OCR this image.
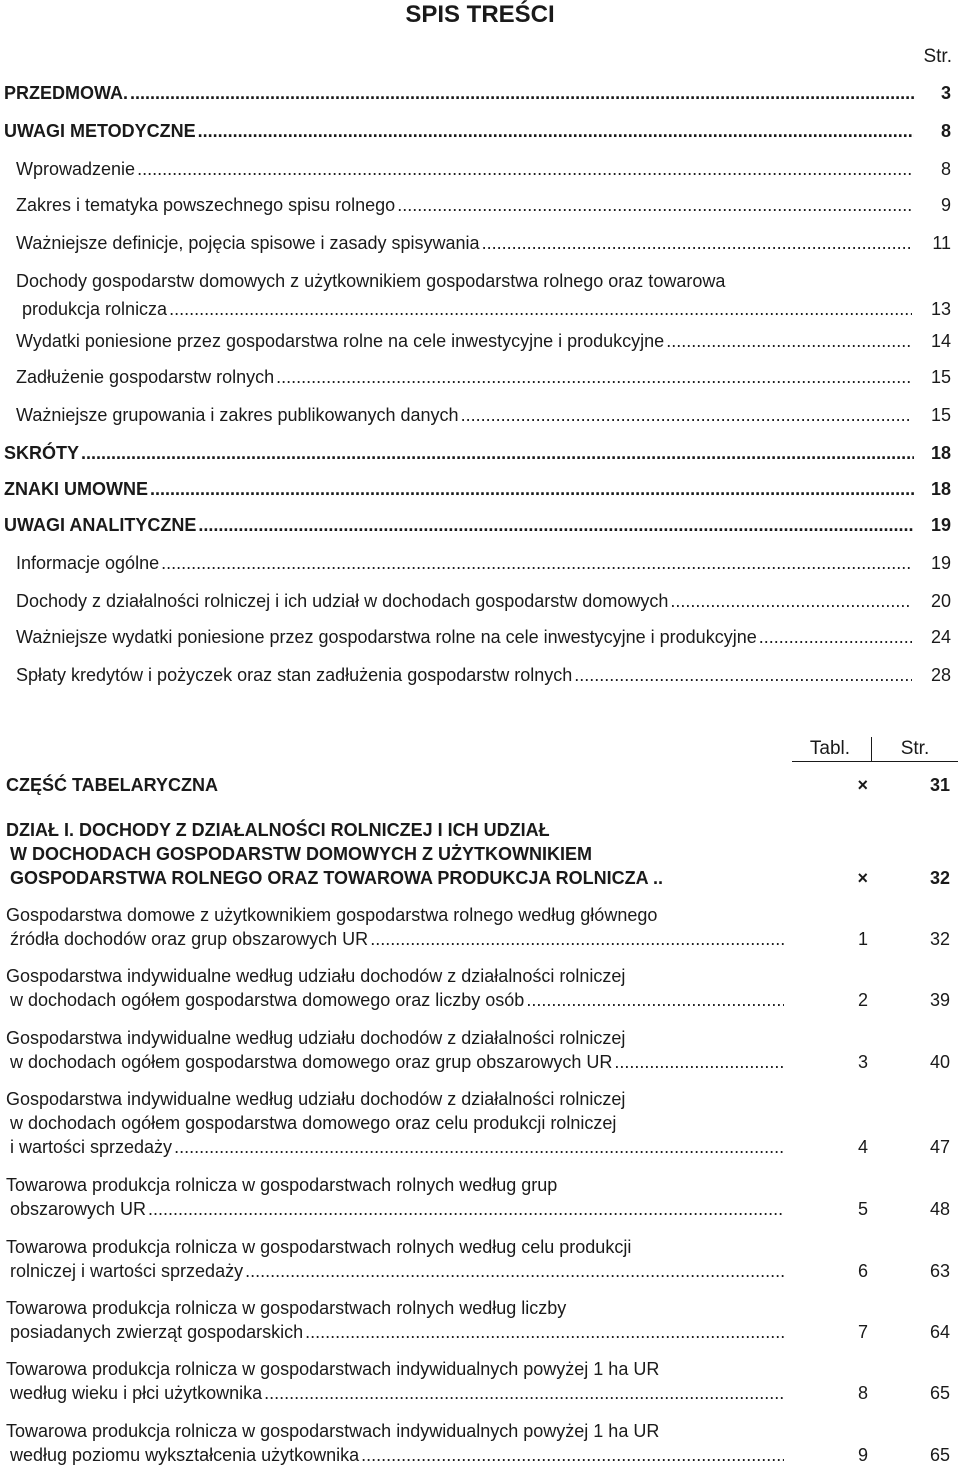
SPIS TREŚCI
Str.
PRZEDMOWA. .....	3
UWAGI METODYCZNE .....	8
Wprowadzenie .....	8
Zakres i tematyka powszechnego spisu rolnego .....	9
Ważniejsze definicje, pojęcia spisowe i zasady spisywania .....	11
Dochody gospodarstw domowych z użytkownikiem gospodarstwa rolnego oraz towarowa
produkcja rolnicza .....	13
Wydatki poniesione przez gospodarstwa rolne na cele inwestycyjne i produkcyjne .....	14
Zadłużenie gospodarstw rolnych .....	15
Ważniejsze grupowania i zakres publikowanych danych .....	15
SKRÓTY .....	18
ZNAKI UMOWNE .....	18
UWAGI ANALITYCZNE .....	19
Informacje ogólne .....	19
Dochody z działalności rolniczej i ich udział w dochodach gospodarstw domowych .....	20
Ważniejsze wydatki poniesione przez gospodarstwa rolne na cele inwestycyjne i produkcyjne .....	24
Spłaty kredytów i pożyczek oraz stan zadłużenia gospodarstw rolnych .....	28
Tabl.	Str.
CZĘŚĆ TABELARYCZNA	×	31
DZIAŁ I. DOCHODY Z DZIAŁALNOŚCI ROLNICZEJ I ICH UDZIAŁ
W DOCHODACH GOSPODARSTW DOMOWYCH Z UŻYTKOWNIKIEM
GOSPODARSTWA ROLNEGO ORAZ TOWAROWA PRODUKCJA ROLNICZA ..	×	32
Gospodarstwa domowe z użytkownikiem gospodarstwa rolnego według głównego
źródła dochodów oraz grup obszarowych UR .....	1	32
Gospodarstwa indywidualne według udziału dochodów z działalności rolniczej
w dochodach ogółem gospodarstwa domowego oraz liczby osób .....	2	39
Gospodarstwa indywidualne według udziału dochodów z działalności rolniczej
w dochodach ogółem gospodarstwa domowego oraz grup obszarowych UR .....	3	40
Gospodarstwa indywidualne według udziału dochodów z działalności rolniczej
w dochodach ogółem gospodarstwa domowego oraz celu produkcji rolniczej
i wartości sprzedaży .....	4	47
Towarowa produkcja rolnicza w gospodarstwach rolnych według grup
obszarowych UR .....	5	48
Towarowa produkcja rolnicza w gospodarstwach rolnych według celu produkcji
rolniczej i wartości sprzedaży .....	6	63
Towarowa produkcja rolnicza w gospodarstwach rolnych według liczby
posiadanych zwierząt gospodarskich .....	7	64
Towarowa produkcja rolnicza w gospodarstwach indywidualnych powyżej 1 ha UR
według wieku i płci użytkownika .....	8	65
Towarowa produkcja rolnicza w gospodarstwach indywidualnych powyżej 1 ha UR
według poziomu wykształcenia użytkownika .....	9	65
